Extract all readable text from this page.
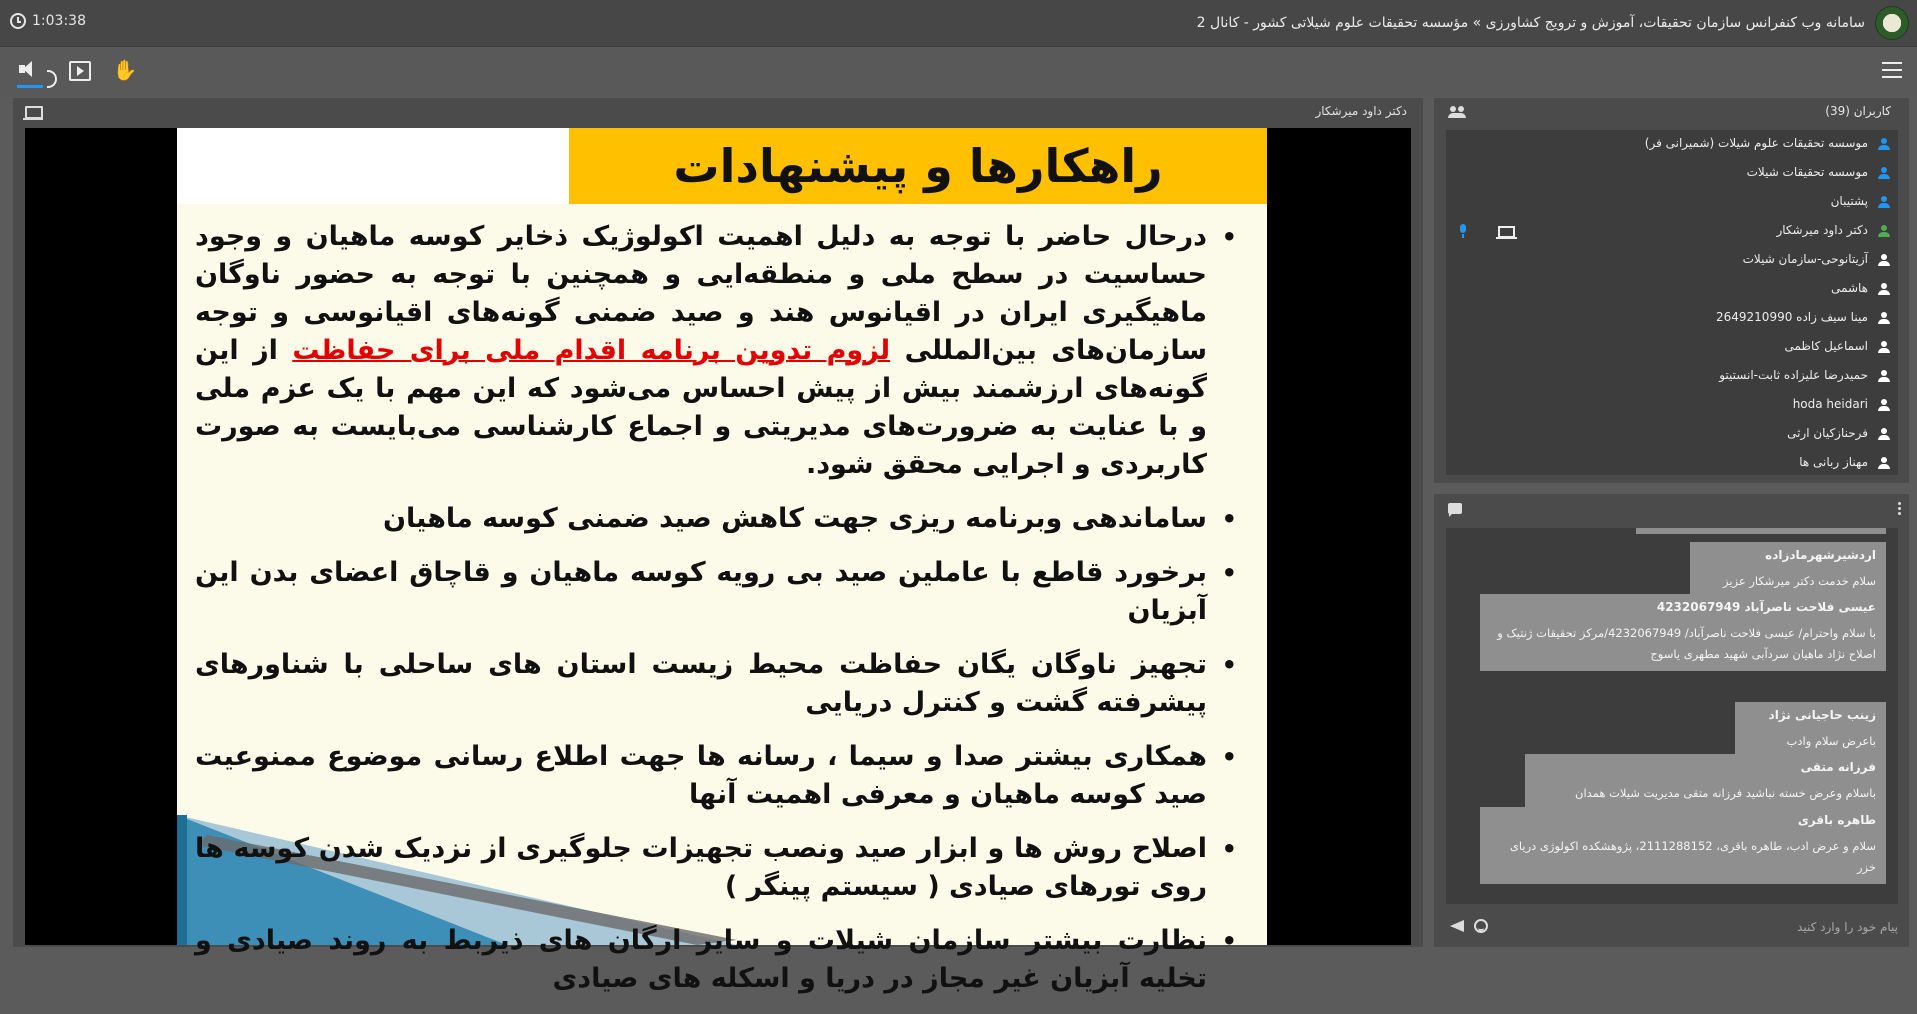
1:03:38	سامانه وب کنفرانس سازمان تحقیقات، آموزش و ترویج کشاورزی » مؤسسه تحقیقات علوم شیلاتی کشور - کانال 2
✋
دکتر داود میرشکار
راهکارها و پیشنهادات
• درحال حاضر با توجه به دلیل اهمیت اکولوژیک ذخایر کوسه ماهیان و وجود حساسیت در سطح ملی و منطقه‌ایی و همچنین با توجه به حضور ناوگان ماهیگیری ایران در اقیانوس هند و صید ضمنی گونه‌های اقیانوسی و توجه سازمان‌های بین‌المللی لزوم تدوین برنامه اقدام ملی برای حفاظت از این گونه‌های ارزشمند بیش از پیش احساس می‌شود که این مهم با یک عزم ملی و با عنایت به ضرورت‌های مدیریتی و اجماع کارشناسی می‌بایست به صورت کاربردی و اجرایی محقق شود.
• ساماندهی وبرنامه ریزی جهت کاهش صید ضمنی کوسه ماهیان
• برخورد قاطع با عاملین صید بی رویه کوسه ماهیان و قاچاق اعضای بدن این آبزیان
• تجهیز ناوگان یگان حفاظت محیط زیست استان های ساحلی با شناورهای پیشرفته گشت و کنترل دریایی
• همکاری بیشتر صدا و سیما ، رسانه ها جهت اطلاع رسانی موضوع ممنوعیت صید کوسه ماهیان و معرفی اهمیت آنها
• اصلاح روش ها و ابزار صید ونصب تجهیزات جلوگیری از نزدیک شدن کوسه ها روی تورهای صیادی ( سیستم پینگر )
• نظارت بیشتر سازمان شیلات و سایر ارگان های ذیربط به روند صیادی و تخلیه آبزیان غیر مجاز در دریا و اسکله های صیادی
کاربران (39)
موسسه تحقیقات علوم شیلات (شمیرانی فر)
موسسه تحقیقات شیلات
پشتیبان
دکتر داود میرشکار
آزیتانوحی-سازمان شیلات
هاشمی
مینا سیف زاده 2649210990
اسماعیل کاظمی
حمیدرضا علیزاده ثابت-انستیتو
hoda heidari
فرحنازکیان ارثی
مهناز ربانی ها
اردشیرشهرمادزاده
سلام خدمت دکتر میرشکار عزیز
عیسی فلاحت ناصرآباد 4232067949
با سلام واحترام/ عیسی فلاحت ناصرآباد/ 4232067949/مرکز تحقیقات ژنتیک و اصلاح نژاد ماهیان سردآبی شهید مطهری یاسوج
زینب حاجیانی نژاد
باعرض سلام وادب
فرزانه متقی
باسلام وعرض خسته نباشید فرزانه متقی مدیریت شیلات همدان
طاهره باقری
سلام و عرض ادب، طاهره باقری، 2111288152، پژوهشکده اکولوژی دریای خزر
پیام خود را وارد کنید
